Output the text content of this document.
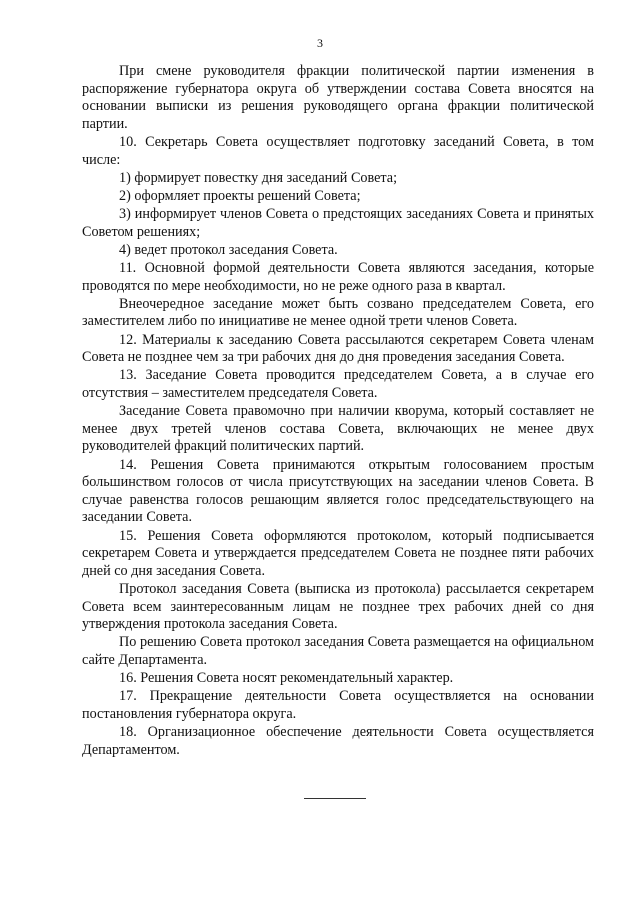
3

При смене руководителя фракции политической партии изменения в распоряжение губернатора округа об утверждении состава Совета вносятся на основании выписки из решения руководящего органа фракции политической партии.

10. Секретарь Совета осуществляет подготовку заседаний Совета, в том числе:

1) формирует повестку дня заседаний Совета;

2) оформляет проекты решений Совета;

3) информирует членов Совета о предстоящих заседаниях Совета и принятых Советом решениях;

4) ведет протокол заседания Совета.

11. Основной формой деятельности Совета являются заседания, которые проводятся по мере необходимости, но не реже одного раза в квартал.

Внеочередное заседание может быть созвано председателем Совета, его заместителем либо по инициативе не менее одной трети членов Совета.

12. Материалы к заседанию Совета рассылаются секретарем Совета членам Совета не позднее чем за три рабочих дня до дня проведения заседания Совета.

13. Заседание Совета проводится председателем Совета, а в случае его отсутствия – заместителем председателя Совета.

Заседание Совета правомочно при наличии кворума, который составляет не менее двух третей членов состава Совета, включающих не менее двух руководителей фракций политических партий.

14. Решения Совета принимаются открытым голосованием простым большинством голосов от числа присутствующих на заседании членов Совета. В случае равенства голосов решающим является голос председательствующего на заседании Совета.

15. Решения Совета оформляются протоколом, который подписывается секретарем Совета и утверждается председателем Совета не позднее пяти рабочих дней со дня заседания Совета.

Протокол заседания Совета (выписка из протокола) рассылается секретарем Совета всем заинтересованным лицам не позднее трех рабочих дней со дня утверждения протокола заседания Совета.

По решению Совета протокол заседания Совета размещается на официальном сайте Департамента.

16. Решения Совета носят рекомендательный характер.

17. Прекращение деятельности Совета осуществляется на основании постановления губернатора округа.

18. Организационное обеспечение деятельности Совета осуществляется Департаментом.
